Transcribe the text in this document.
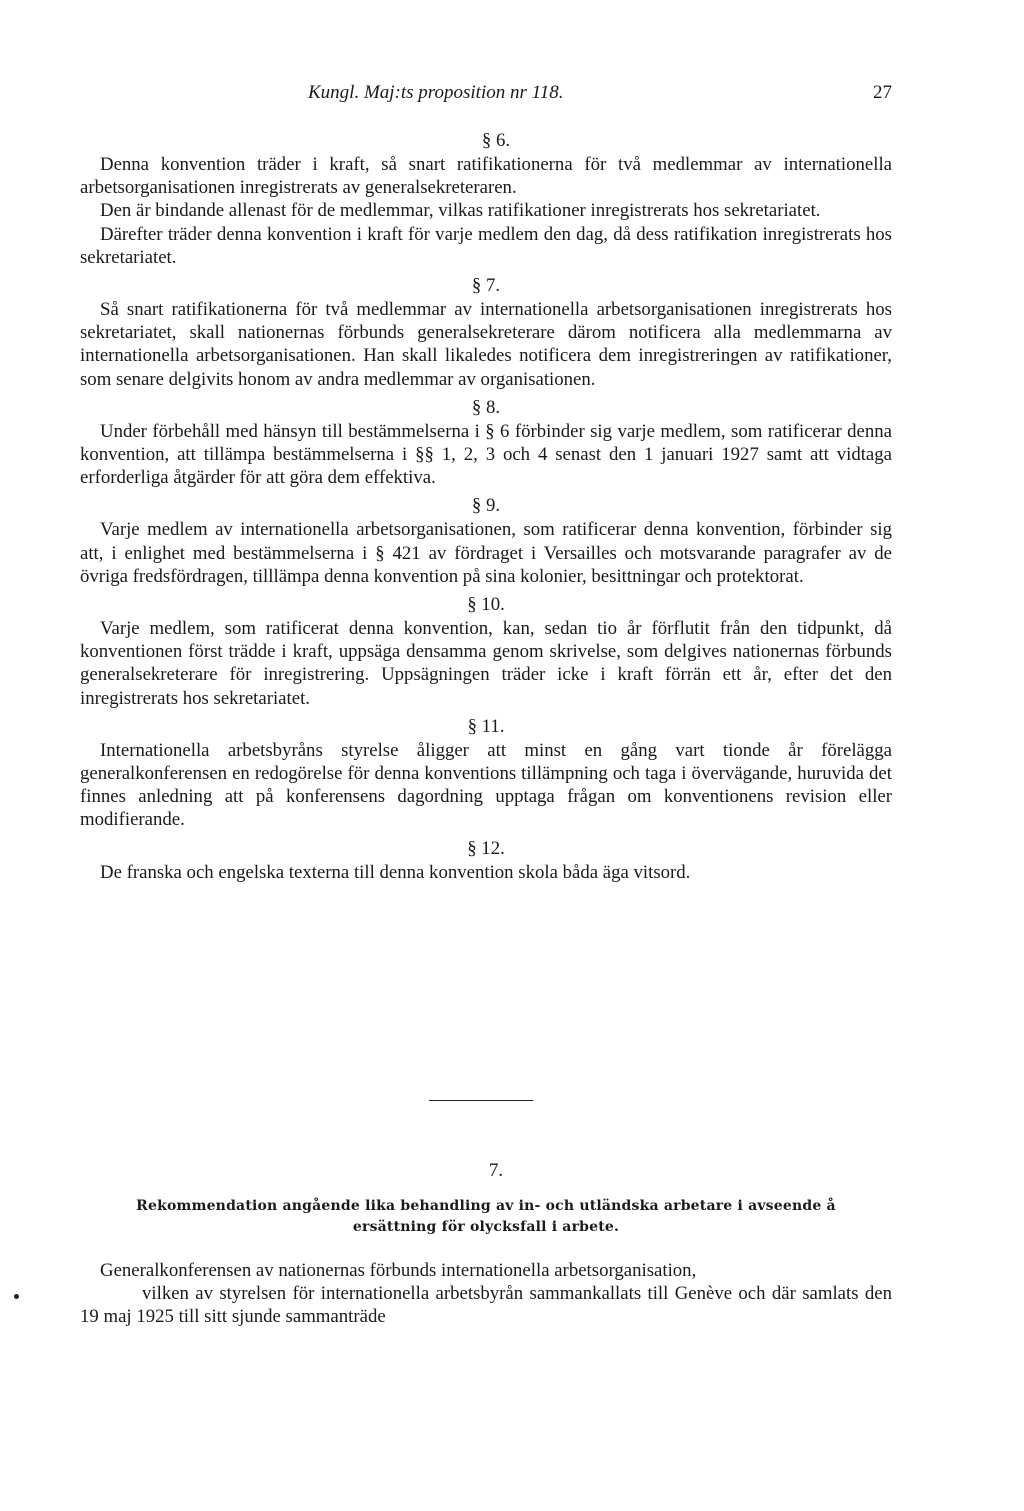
Kungl. Maj:ts proposition nr 118.	27
§ 6.

Denna konvention träder i kraft, så snart ratifikationerna för två medlemmar av internationella arbetsorganisationen inregistrerats av generalsekreteraren.

Den är bindande allenast för de medlemmar, vilkas ratifikationer inregistrerats hos sekretariatet.

Därefter träder denna konvention i kraft för varje medlem den dag, då dess ratifikation inregistrerats hos sekretariatet.

§ 7.

Så snart ratifikationerna för två medlemmar av internationella arbetsorganisationen inregistrerats hos sekretariatet, skall nationernas förbunds generalsekreterare därom notificera alla medlemmarna av internationella arbetsorganisationen. Han skall likaledes notificera dem inregistreringen av ratifikationer, som senare delgivits honom av andra medlemmar av organisationen.

§ 8.

Under förbehåll med hänsyn till bestämmelserna i § 6 förbinder sig varje medlem, som ratificerar denna konvention, att tillämpa bestämmelserna i §§ 1, 2, 3 och 4 senast den 1 januari 1927 samt att vidtaga erforderliga åtgärder för att göra dem effektiva.

§ 9.

Varje medlem av internationella arbetsorganisationen, som ratificerar denna konvention, förbinder sig att, i enlighet med bestämmelserna i § 421 av fördraget i Versailles och motsvarande paragrafer av de övriga fredsfördragen, tilllämpa denna konvention på sina kolonier, besittningar och protektorat.

§ 10.

Varje medlem, som ratificerat denna konvention, kan, sedan tio år förflutit från den tidpunkt, då konventionen först trädde i kraft, uppsäga densamma genom skrivelse, som delgives nationernas förbunds generalsekreterare för inregistrering. Uppsägningen träder icke i kraft förrän ett år, efter det den inregistrerats hos sekretariatet.

§ 11.

Internationella arbetsbyråns styrelse åligger att minst en gång vart tionde år förelägga generalkonferensen en redogörelse för denna konventions tillämpning och taga i övervägande, huruvida det finnes anledning att på konferensens dagordning upptaga frågan om konventionens revision eller modifierande.

§ 12.

De franska och engelska texterna till denna konvention skola båda äga vitsord.

7.
Rekommendation angående lika behandling av in- och utländska arbetare i avseende å
ersättning för olycksfall i arbete.

Generalkonferensen av nationernas förbunds internationella arbetsorganisation,

vilken av styrelsen för internationella arbetsbyrån sammankallats till Genève och där samlats den 19 maj 1925 till sitt sjunde sammanträde
